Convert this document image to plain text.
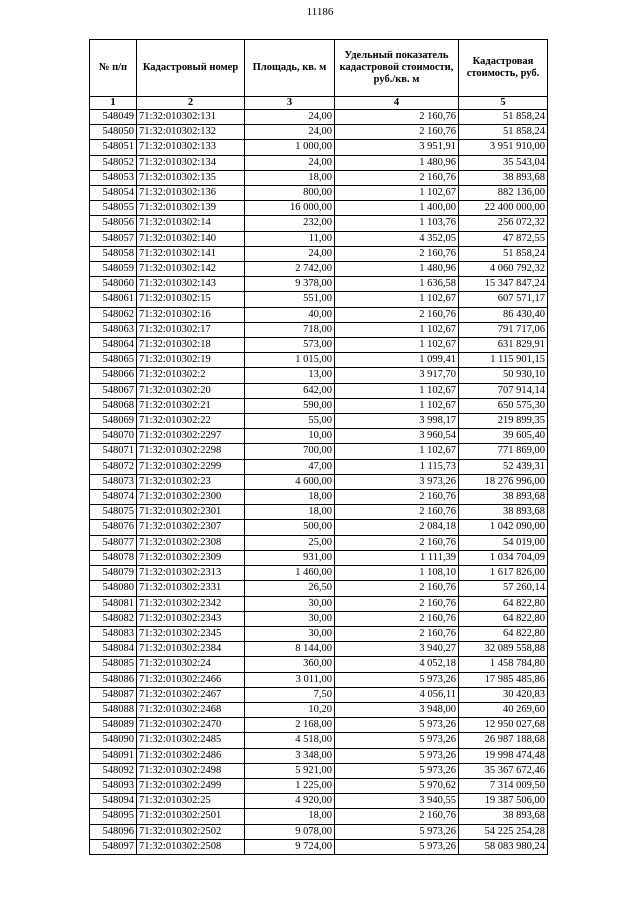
11186
№ п/п	Кадастровый номер	Площадь, кв. м	Удельный показатель кадастровой стоимости, руб./кв. м	Кадастровая стоимость, руб.
1	2	3	4	5
548049	71:32:010302:131	24,00	2 160,76	51 858,24
548050	71:32:010302:132	24,00	2 160,76	51 858,24
548051	71:32:010302:133	1 000,00	3 951,91	3 951 910,00
548052	71:32:010302:134	24,00	1 480,96	35 543,04
548053	71:32:010302:135	18,00	2 160,76	38 893,68
548054	71:32:010302:136	800,00	1 102,67	882 136,00
548055	71:32:010302:139	16 000,00	1 400,00	22 400 000,00
548056	71:32:010302:14	232,00	1 103,76	256 072,32
548057	71:32:010302:140	11,00	4 352,05	47 872,55
548058	71:32:010302:141	24,00	2 160,76	51 858,24
548059	71:32:010302:142	2 742,00	1 480,96	4 060 792,32
548060	71:32:010302:143	9 378,00	1 636,58	15 347 847,24
548061	71:32:010302:15	551,00	1 102,67	607 571,17
548062	71:32:010302:16	40,00	2 160,76	86 430,40
548063	71:32:010302:17	718,00	1 102,67	791 717,06
548064	71:32:010302:18	573,00	1 102,67	631 829,91
548065	71:32:010302:19	1 015,00	1 099,41	1 115 901,15
548066	71:32:010302:2	13,00	3 917,70	50 930,10
548067	71:32:010302:20	642,00	1 102,67	707 914,14
548068	71:32:010302:21	590,00	1 102,67	650 575,30
548069	71:32:010302:22	55,00	3 998,17	219 899,35
548070	71:32:010302:2297	10,00	3 960,54	39 605,40
548071	71:32:010302:2298	700,00	1 102,67	771 869,00
548072	71:32:010302:2299	47,00	1 115,73	52 439,31
548073	71:32:010302:23	4 600,00	3 973,26	18 276 996,00
548074	71:32:010302:2300	18,00	2 160,76	38 893,68
548075	71:32:010302:2301	18,00	2 160,76	38 893,68
548076	71:32:010302:2307	500,00	2 084,18	1 042 090,00
548077	71:32:010302:2308	25,00	2 160,76	54 019,00
548078	71:32:010302:2309	931,00	1 111,39	1 034 704,09
548079	71:32:010302:2313	1 460,00	1 108,10	1 617 826,00
548080	71:32:010302:2331	26,50	2 160,76	57 260,14
548081	71:32:010302:2342	30,00	2 160,76	64 822,80
548082	71:32:010302:2343	30,00	2 160,76	64 822,80
548083	71:32:010302:2345	30,00	2 160,76	64 822,80
548084	71:32:010302:2384	8 144,00	3 940,27	32 089 558,88
548085	71:32:010302:24	360,00	4 052,18	1 458 784,80
548086	71:32:010302:2466	3 011,00	5 973,26	17 985 485,86
548087	71:32:010302:2467	7,50	4 056,11	30 420,83
548088	71:32:010302:2468	10,20	3 948,00	40 269,60
548089	71:32:010302:2470	2 168,00	5 973,26	12 950 027,68
548090	71:32:010302:2485	4 518,00	5 973,26	26 987 188,68
548091	71:32:010302:2486	3 348,00	5 973,26	19 998 474,48
548092	71:32:010302:2498	5 921,00	5 973,26	35 367 672,46
548093	71:32:010302:2499	1 225,00	5 970,62	7 314 009,50
548094	71:32:010302:25	4 920,00	3 940,55	19 387 506,00
548095	71:32:010302:2501	18,00	2 160,76	38 893,68
548096	71:32:010302:2502	9 078,00	5 973,26	54 225 254,28
548097	71:32:010302:2508	9 724,00	5 973,26	58 083 980,24
